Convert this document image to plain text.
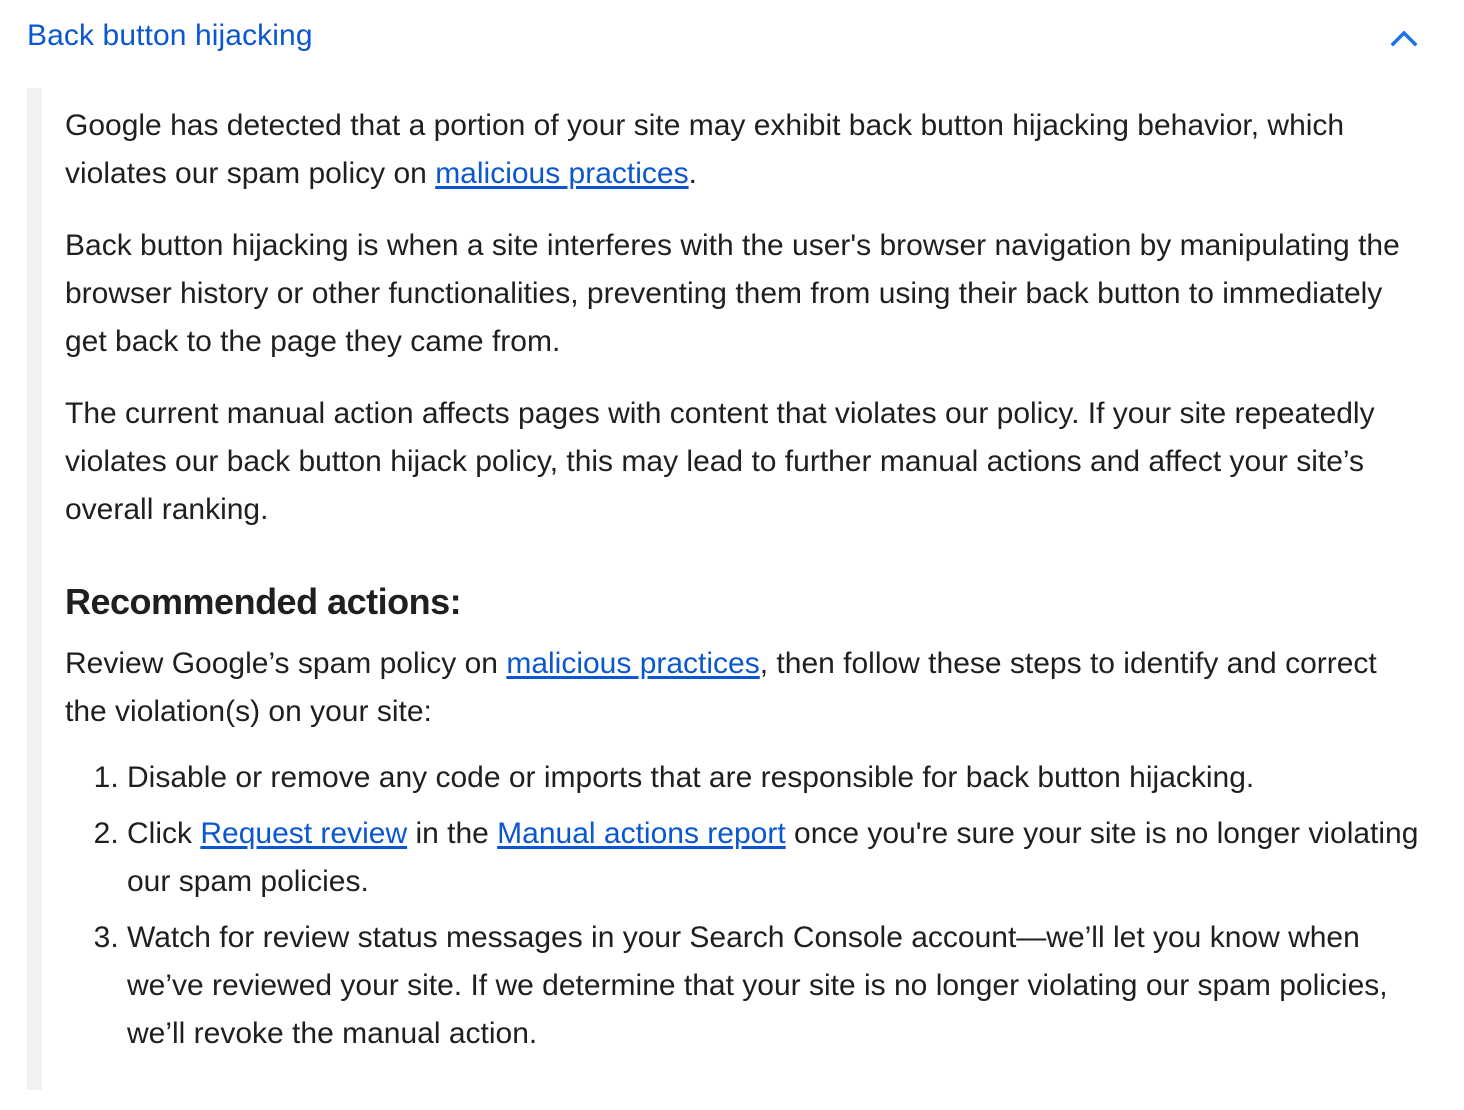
Back button hijacking

Google has detected that a portion of your site may exhibit back button hijacking behavior, which violates our spam policy on malicious practices.

Back button hijacking is when a site interferes with the user's browser navigation by manipulating the browser history or other functionalities, preventing them from using their back button to immediately get back to the page they came from.

The current manual action affects pages with content that violates our policy. If your site repeatedly violates our back button hijack policy, this may lead to further manual actions and affect your site’s overall ranking.

Recommended actions:

Review Google’s spam policy on malicious practices, then follow these steps to identify and correct the violation(s) on your site:

1. Disable or remove any code or imports that are responsible for back button hijacking.
2. Click Request review in the Manual actions report once you're sure your site is no longer violating our spam policies.
3. Watch for review status messages in your Search Console account—we’ll let you know when we’ve reviewed your site. If we determine that your site is no longer violating our spam policies, we’ll revoke the manual action.
